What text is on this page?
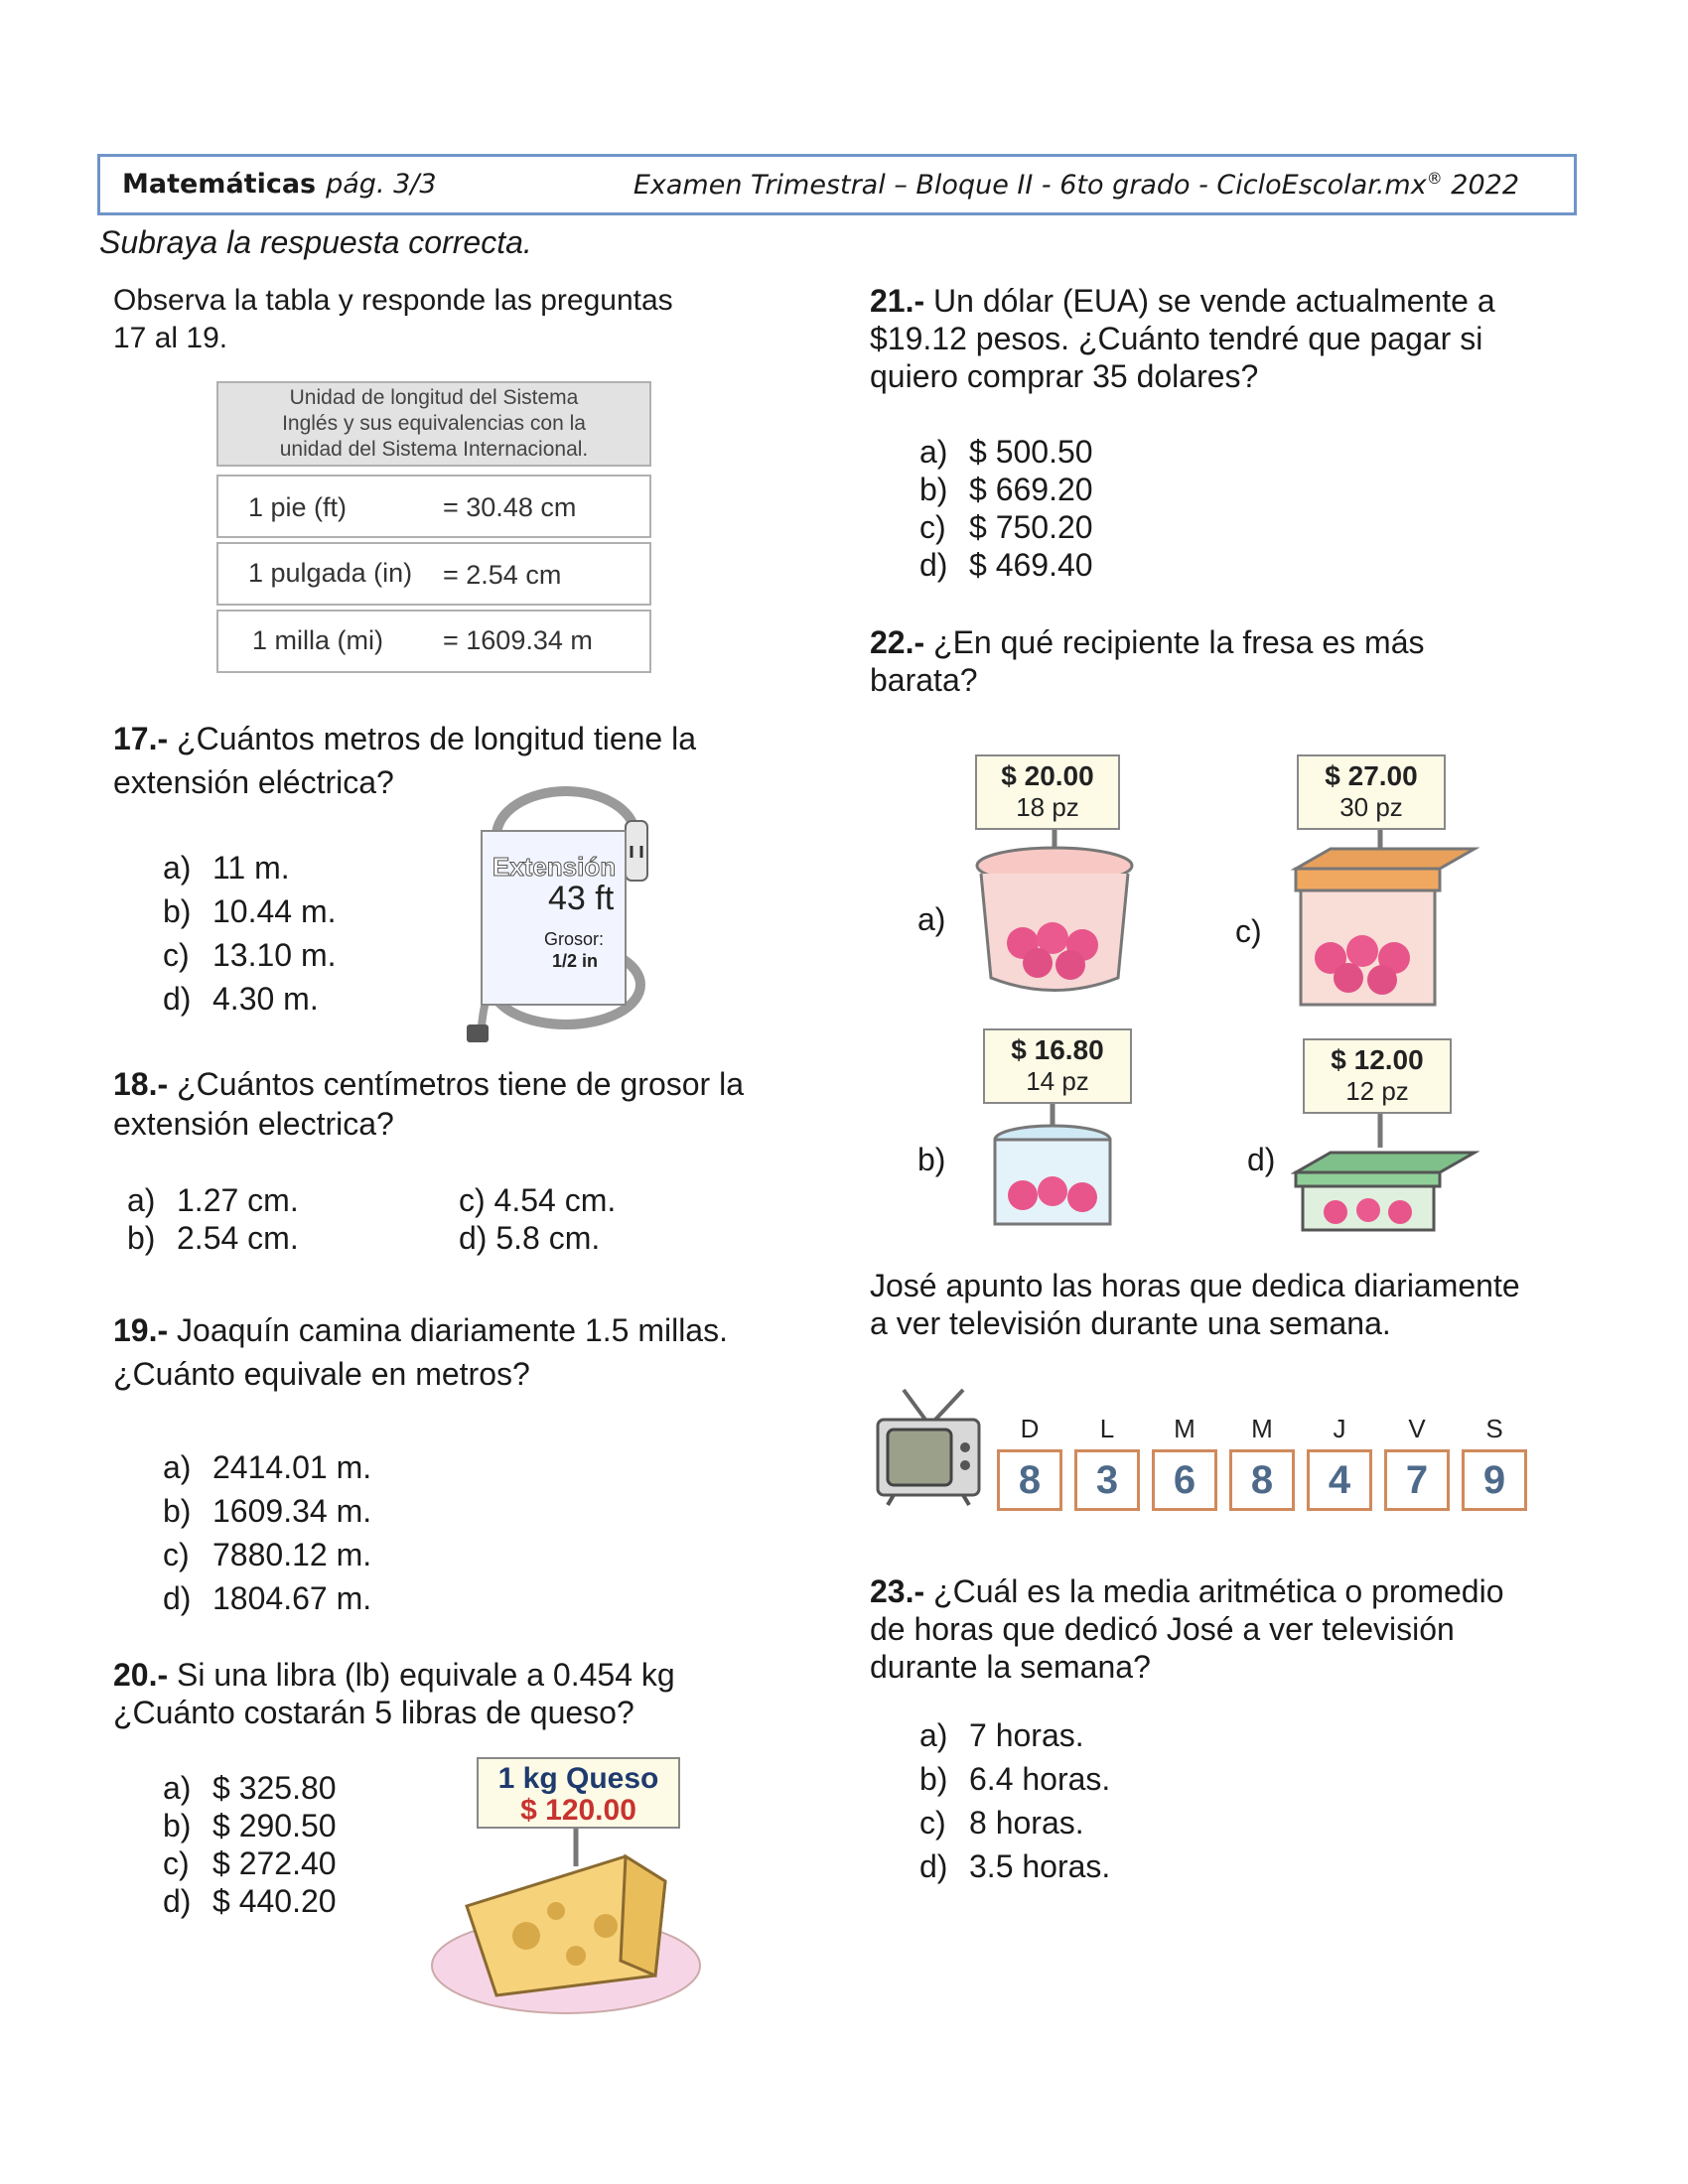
Matemáticas pág. 3/3	Examen Trimestral – Bloque II - 6to grado - CicloEscolar.mx® 2022
Subraya la respuesta correcta.
Observa la tabla y responde las preguntas
17 al 19.
Unidad de longitud del Sistema
Inglés y sus equivalencias con la
unidad del Sistema Internacional.
1 pie (ft)	= 30.48 cm
1 pulgada (in) = 2.54 cm
1 milla (mi) = 1609.34 m
17.- ¿Cuántos metros de longitud tiene la
extensión eléctrica?
a) 11 m.
b) 10.44 m.
c) 13.10 m.
d) 4.30 m.
Extensión
43 ft
Grosor:
1/2 in
18.- ¿Cuántos centímetros tiene de grosor la
extensión electrica?
a) 1.27 cm.
b) 2.54 cm.
c) 4.54 cm.
d) 5.8 cm.
19.- Joaquín camina diariamente 1.5 millas.
¿Cuánto equivale en metros?
a) 2414.01 m.
b) 1609.34 m.
c) 7880.12 m.
d) 1804.67 m.
20.- Si una libra (lb) equivale a 0.454 kg
¿Cuánto costarán 5 libras de queso?
a) $ 325.80
b) $ 290.50
c) $ 272.40
d) $ 440.20
1 kg Queso
$ 120.00
21.- Un dólar (EUA) se vende actualmente a
$19.12 pesos. ¿Cuánto tendré que pagar si
quiero comprar 35 dolares?
a) $ 500.50
b) $ 669.20
c) $ 750.20
d) $ 469.40
22.- ¿En qué recipiente la fresa es más
barata?
a)
$ 20.00
18 pz
c)
$ 27.00
30 pz
b)
$ 16.80
14 pz
d)
$ 12.00
12 pz
José apunto las horas que dedica diariamente
a ver televisión durante una semana.
D	L	M	M	J	V	S
8	3	6	8	4	7	9
23.- ¿Cuál es la media aritmética o promedio
de horas que dedicó José a ver televisión
durante la semana?
a) 7 horas.
b) 6.4 horas.
c) 8 horas.
d) 3.5 horas.
